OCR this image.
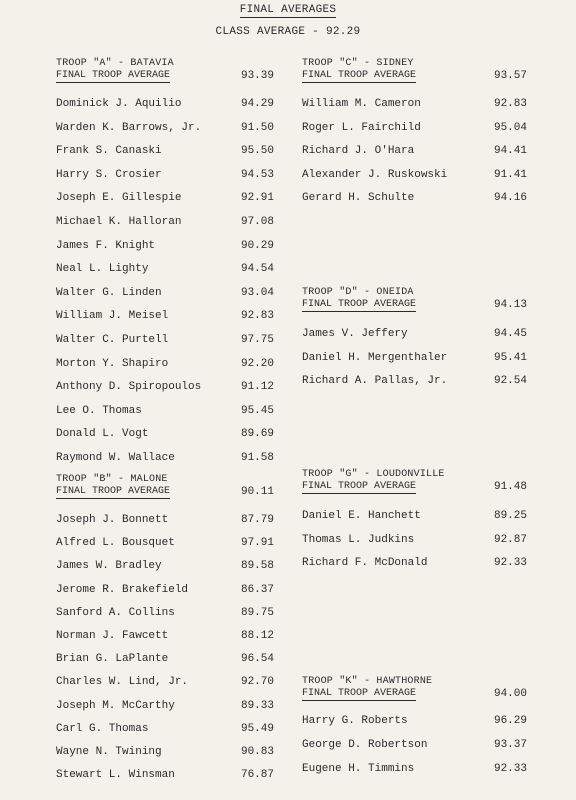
FINAL AVERAGES
CLASS AVERAGE - 92.29
TROOP "A" - BATAVIA
FINAL TROOP AVERAGE	93.39
Dominick J. Aquilio	94.29
Warden K. Barrows, Jr.	91.50
Frank S. Canaski	95.50
Harry S. Crosier	94.53
Joseph E. Gillespie	92.91
Michael K. Halloran	97.08
James F. Knight	90.29
Neal L. Lighty	94.54
Walter G. Linden	93.04
William J. Meisel	92.83
Walter C. Purtell	97.75
Morton Y. Shapiro	92.20
Anthony D. Spiropoulos	91.12
Lee O. Thomas	95.45
Donald L. Vogt	89.69
Raymond W. Wallace	91.58
TROOP "B" - MALONE
FINAL TROOP AVERAGE	90.11
Joseph J. Bonnett	87.79
Alfred L. Bousquet	97.91
James W. Bradley	89.58
Jerome R. Brakefield	86.37
Sanford A. Collins	89.75
Norman J. Fawcett	88.12
Brian G. LaPlante	96.54
Charles W. Lind, Jr.	92.70
Joseph M. McCarthy	89.33
Carl G. Thomas	95.49
Wayne N. Twining	90.83
Stewart L. Winsman	76.87
TROOP "C" - SIDNEY
FINAL TROOP AVERAGE	93.57
William M. Cameron	92.83
Roger L. Fairchild	95.04
Richard J. O'Hara	94.41
Alexander J. Ruskowski	91.41
Gerard H. Schulte	94.16
TROOP "D" - ONEIDA
FINAL TROOP AVERAGE	94.13
James V. Jeffery	94.45
Daniel H. Mergenthaler	95.41
Richard A. Pallas, Jr.	92.54
TROOP "G" - LOUDONVILLE
FINAL TROOP AVERAGE	91.48
Daniel E. Hanchett	89.25
Thomas L. Judkins	92.87
Richard F. McDonald	92.33
TROOP "K" - HAWTHORNE
FINAL TROOP AVERAGE	94.00
Harry G. Roberts	96.29
George D. Robertson	93.37
Eugene H. Timmins	92.33
